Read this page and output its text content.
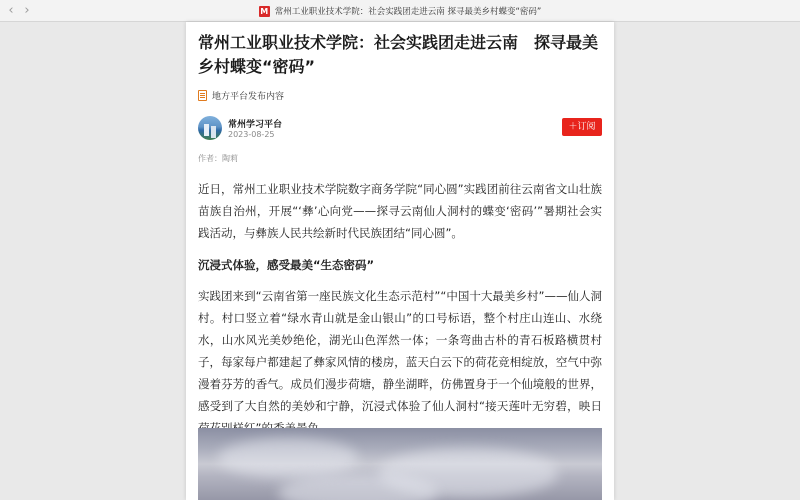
‹ ›	M 常州工业职业技术学院：社会实践团走进云南 探寻最美乡村蝶变“密码”
常州工业职业技术学院：社会实践团走进云南　探寻最美乡村蝶变“密码”
地方平台发布内容
常州学习平台
2023-08-25
＋订阅
作者：陶莉

近日，常州工业职业技术学院数字商务学院“同心圆”实践团前往云南省文山壮族苗族自治州，开展“‘彝’心向党——探寻云南仙人洞村的蝶变‘密码’”暑期社会实践活动，与彝族人民共绘新时代民族团结“同心圆”。

沉浸式体验，感受最美“生态密码”

实践团来到“云南省第一座民族文化生态示范村”“中国十大最美乡村”——仙人洞村。村口竖立着“绿水青山就是金山银山”的口号标语，整个村庄山连山、水绕水，山水风光美妙绝伦，湖光山色浑然一体；一条弯曲古朴的青石板路横贯村子，每家每户都建起了彝家风情的楼房，蓝天白云下的荷花竞相绽放，空气中弥漫着芬芳的香气。成员们漫步荷塘，静坐湖畔，仿佛置身于一个仙境般的世界，感受到了大自然的美妙和宁静，沉浸式体验了仙人洞村“接天莲叶无穷碧，映日
